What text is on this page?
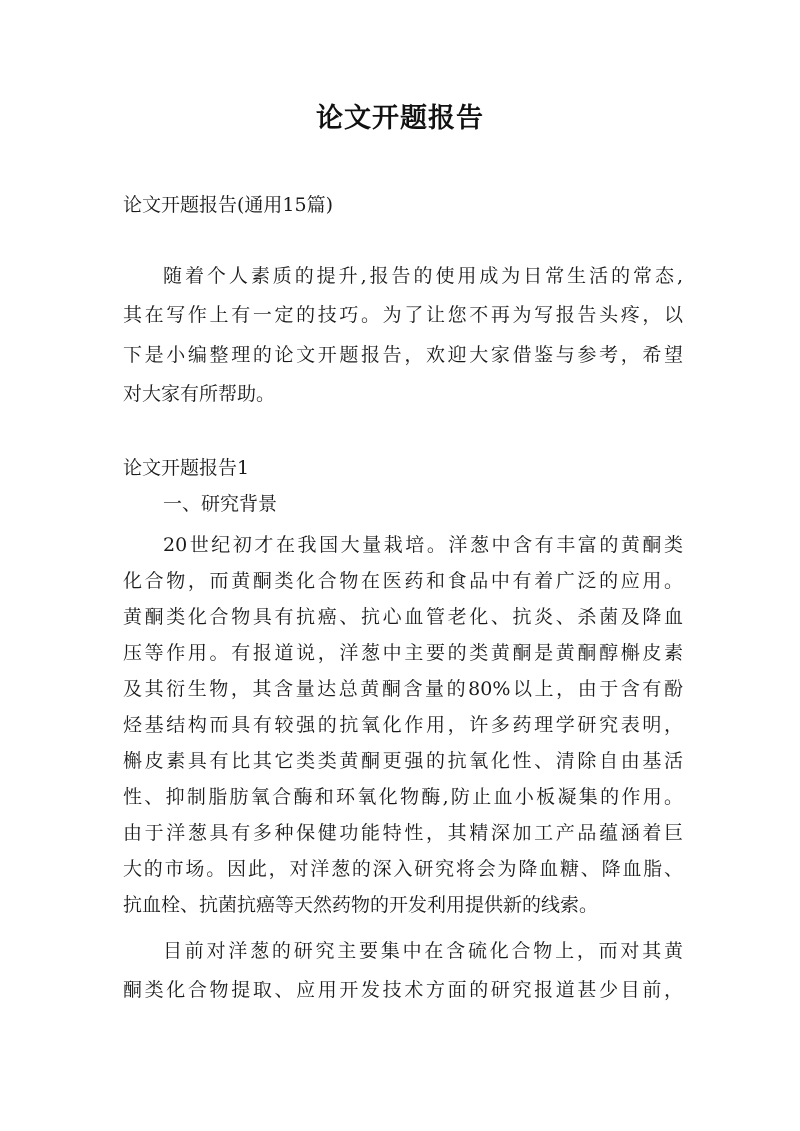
论文开题报告
论文开题报告(通用15篇)
随着个人素质的提升,报告的使用成为日常生活的常态,
其在写作上有一定的技巧。为了让您不再为写报告头疼，以
下是小编整理的论文开题报告，欢迎大家借鉴与参考，希望
对大家有所帮助。
论文开题报告1
一、研究背景
20世纪初才在我国大量栽培。洋葱中含有丰富的黄酮类
化合物，而黄酮类化合物在医药和食品中有着广泛的应用。
黄酮类化合物具有抗癌、抗心血管老化、抗炎、杀菌及降血
压等作用。有报道说，洋葱中主要的类黄酮是黄酮醇槲皮素
及其衍生物，其含量达总黄酮含量的80%以上，由于含有酚
烃基结构而具有较强的抗氧化作用，许多药理学研究表明，
槲皮素具有比其它类类黄酮更强的抗氧化性、清除自由基活
性、抑制脂肪氧合酶和环氧化物酶,防止血小板凝集的作用。
由于洋葱具有多种保健功能特性，其精深加工产品蕴涵着巨
大的市场。因此，对洋葱的深入研究将会为降血糖、降血脂、
抗血栓、抗菌抗癌等天然药物的开发利用提供新的线索。
目前对洋葱的研究主要集中在含硫化合物上，而对其黄
酮类化合物提取、应用开发技术方面的研究报道甚少目前，
